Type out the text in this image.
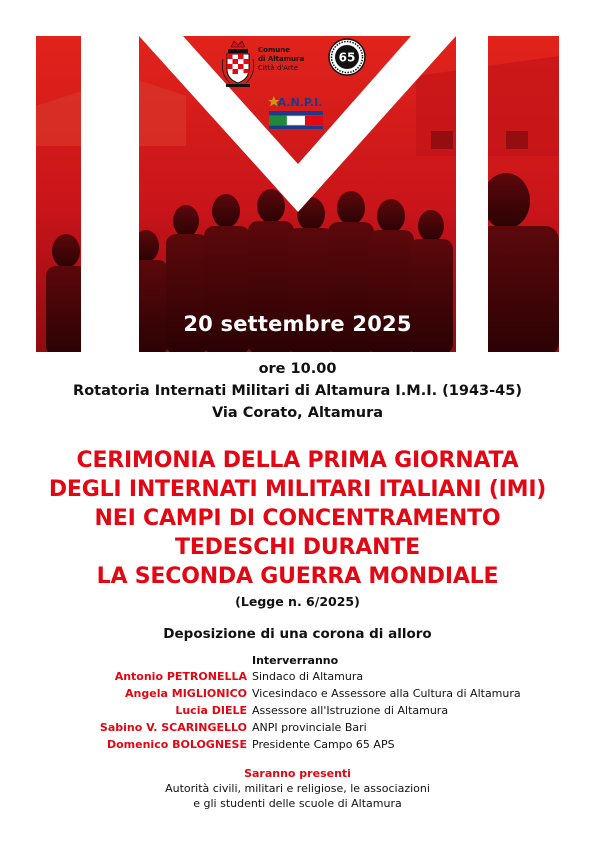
20 settembre 2025
Comune
di Altamura
Città d'Arte
65
A.N.P.I.
ore 10.00
Rotatoria Internati Militari di Altamura I.M.I. (1943-45)
Via Corato, Altamura
CERIMONIA DELLA PRIMA GIORNATA
DEGLI INTERNATI MILITARI ITALIANI (IMI)
NEI CAMPI DI CONCENTRAMENTO
TEDESCHI DURANTE
LA SECONDA GUERRA MONDIALE
(Legge n. 6/2025)
Deposizione di una corona di alloro
Interverranno
Antonio PETRONELLA Sindaco di Altamura
Angela MIGLIONICO Vicesindaco e Assessore alla Cultura di Altamura
Lucia DIELE Assessore all'Istruzione di Altamura
Sabino V. SCARINGELLO ANPI provinciale Bari
Domenico BOLOGNESE Presidente Campo 65 APS
Saranno presenti
Autorità civili, militari e religiose, le associazioni
e gli studenti delle scuole di Altamura
